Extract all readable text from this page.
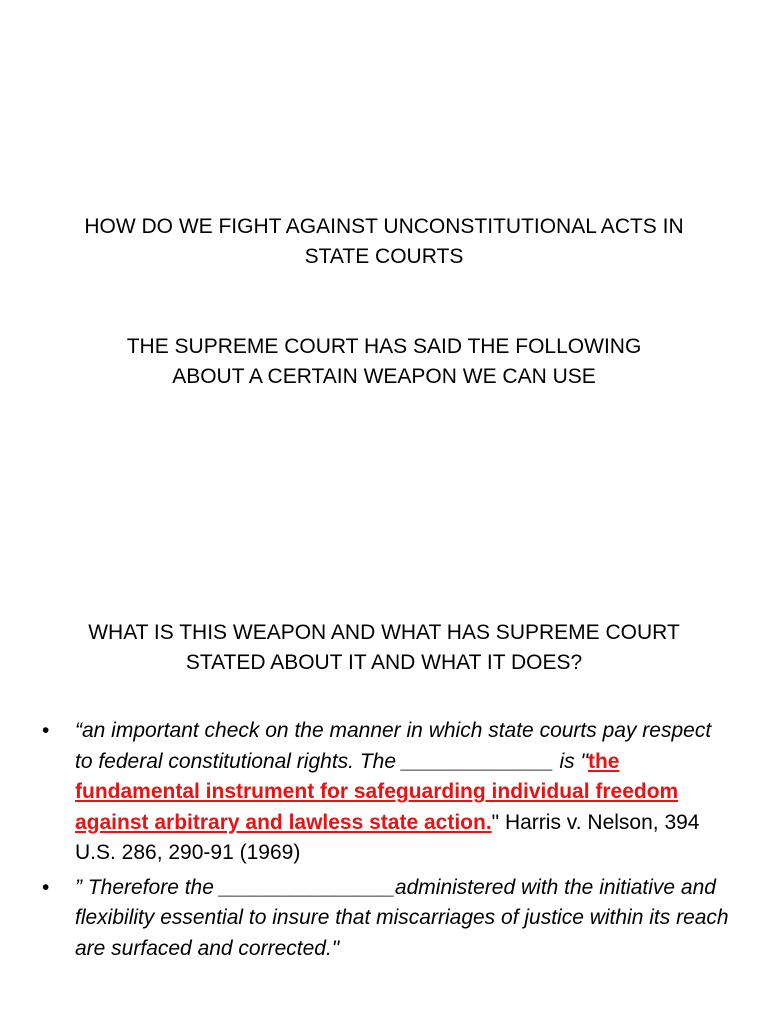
HOW DO WE FIGHT AGAINST UNCONSTITUTIONAL ACTS IN
STATE COURTS
THE SUPREME COURT HAS SAID THE FOLLOWING
ABOUT A CERTAIN WEAPON WE CAN USE
WHAT IS THIS WEAPON AND WHAT HAS SUPREME COURT
STATED ABOUT IT AND WHAT IT DOES?
• “an important check on the manner in which state courts pay respect to federal constitutional rights. The _____________ is "the fundamental instrument for safeguarding individual freedom against arbitrary and lawless state action." Harris v. Nelson, 394 U.S. 286, 290-91 (1969)
• ” Therefore the _______________administered with the initiative and flexibility essential to insure that miscarriages of justice within its reach are surfaced and corrected."
